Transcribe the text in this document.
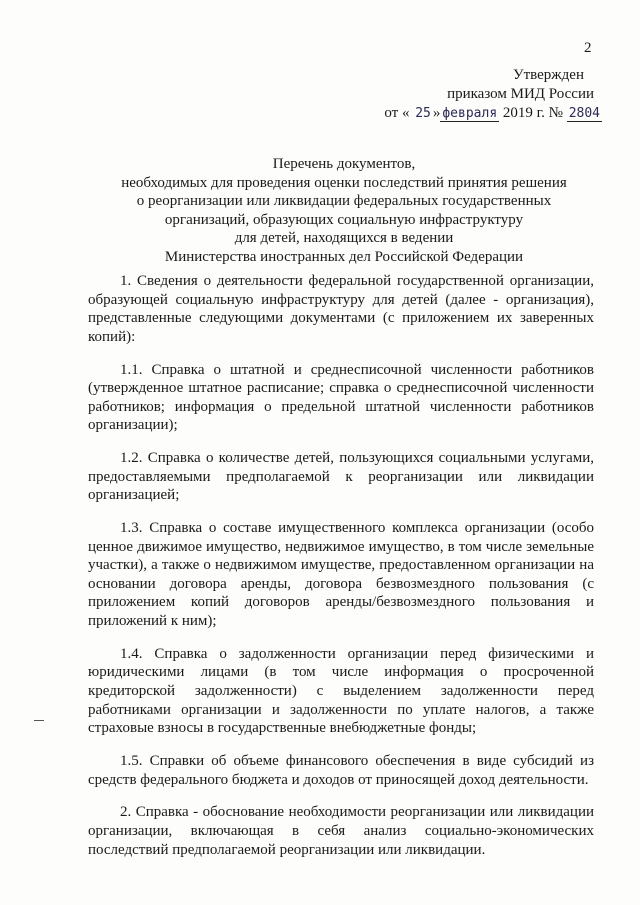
2
Утвержден
приказом МИД России
от « 25 » февраля 2019 г. № 2804
Перечень документов,
необходимых для проведения оценки последствий принятия решения
о реорганизации или ликвидации федеральных государственных
организаций, образующих социальную инфраструктуру
для детей, находящихся в ведении
Министерства иностранных дел Российской Федерации

1. Сведения о деятельности федеральной государственной организации, образующей социальную инфраструктуру для детей (далее - организация), представленные следующими документами (с приложением их заверенных копий):

1.1. Справка о штатной и среднесписочной численности работников (утвержденное штатное расписание; справка о среднесписочной численности работников; информация о предельной штатной численности работников организации);

1.2. Справка о количестве детей, пользующихся социальными услугами, предоставляемыми предполагаемой к реорганизации или ликвидации организацией;

1.3. Справка о составе имущественного комплекса организации (особо ценное движимое имущество, недвижимое имущество, в том числе земельные участки), а также о недвижимом имуществе, предоставленном организации на основании договора аренды, договора безвозмездного пользования (с приложением копий договоров аренды/безвозмездного пользования и приложений к ним);

1.4. Справка о задолженности организации перед физическими и юридическими лицами (в том числе информация о просроченной кредиторской задолженности) с выделением задолженности перед работниками организации и задолженности по уплате налогов, а также страховые взносы в государственные внебюджетные фонды;

1.5. Справки об объеме финансового обеспечения в виде субсидий из средств федерального бюджета и доходов от приносящей доход деятельности.

2. Справка - обоснование необходимости реорганизации или ликвидации организации, включающая в себя анализ социально-экономических последствий предполагаемой реорганизации или ликвидации.
